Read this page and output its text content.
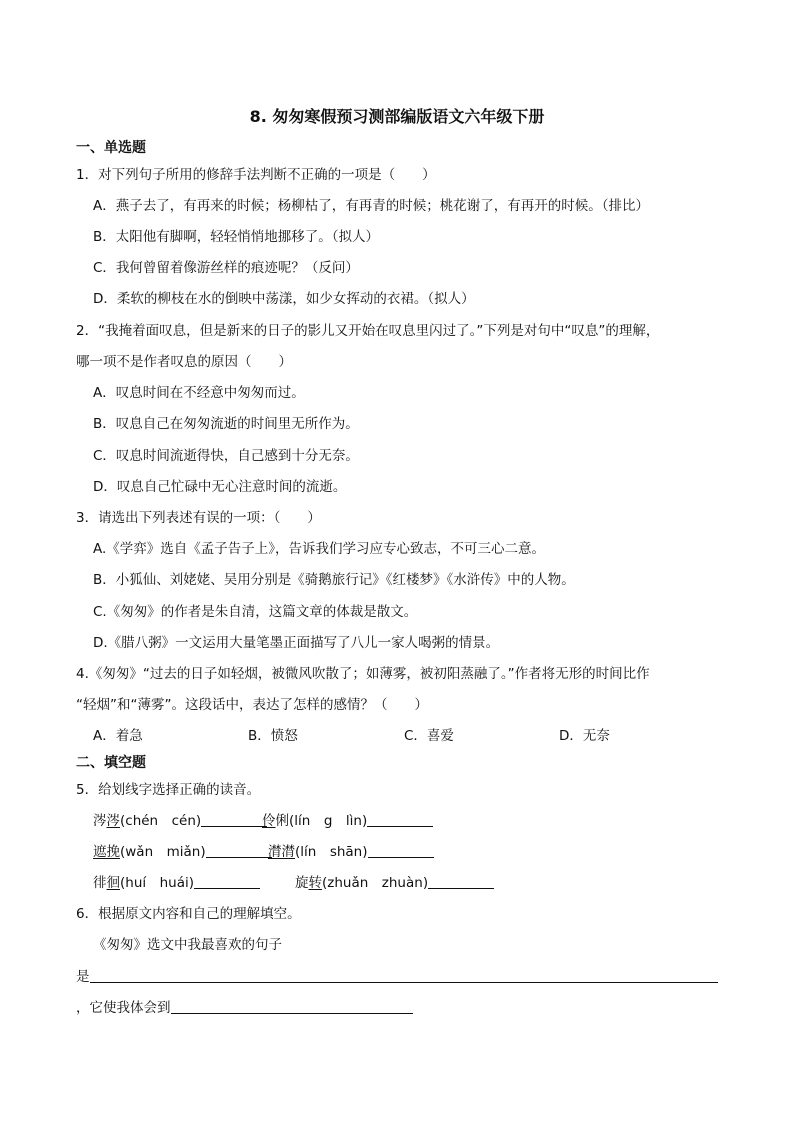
8. 匆匆寒假预习测部编版语文六年级下册
一、单选题
1．对下列句子所用的修辞手法判断不正确的一项是（　　）
A．燕子去了，有再来的时候；杨柳枯了，有再青的时候；桃花谢了，有再开的时候。（排比）
B．太阳他有脚啊，轻轻悄悄地挪移了。（拟人）
C．我何曾留着像游丝样的痕迹呢？（反问）
D．柔软的柳枝在水的倒映中荡漾，如少女挥动的衣裙。（拟人）
2．“我掩着面叹息，但是新来的日子的影儿又开始在叹息里闪过了。”下列是对句中“叹息”的理解，
哪一项不是作者叹息的原因（　　）
A．叹息时间在不经意中匆匆而过。
B．叹息自己在匆匆流逝的时间里无所作为。
C．叹息时间流逝得快，自己感到十分无奈。
D．叹息自己忙碌中无心注意时间的流逝。
3．请选出下列表述有误的一项：（　　）
A.《学弈》选自《孟子告子上》，告诉我们学习应专心致志，不可三心二意。
B．小狐仙、刘姥姥、吴用分别是《骑鹅旅行记》《红楼梦》《水浒传》中的人物。
C.《匆匆》的作者是朱自清，这篇文章的体裁是散文。
D.《腊八粥》一文运用大量笔墨正面描写了八儿一家人喝粥的情景。
4.《匆匆》“过去的日子如轻烟，被微风吹散了；如薄雾，被初阳蒸融了。”作者将无形的时间比作
“轻烟”和“薄雾”。这段话中，表达了怎样的感情？（　　）
A．着急	B．愤怒	C．喜爱	D．无奈
二、填空题
5．给划线字选择正确的读音。
涔涔(chén　cén)	伶俐(lín　g　lìn)
遮挽(wǎn　miǎn)	潸潸(lín　shān)
徘徊(huí　huái)	旋转(zhuǎn　zhuàn)
6．根据原文内容和自己的理解填空。
《匆匆》选文中我最喜欢的句子
是
，它使我体会到
